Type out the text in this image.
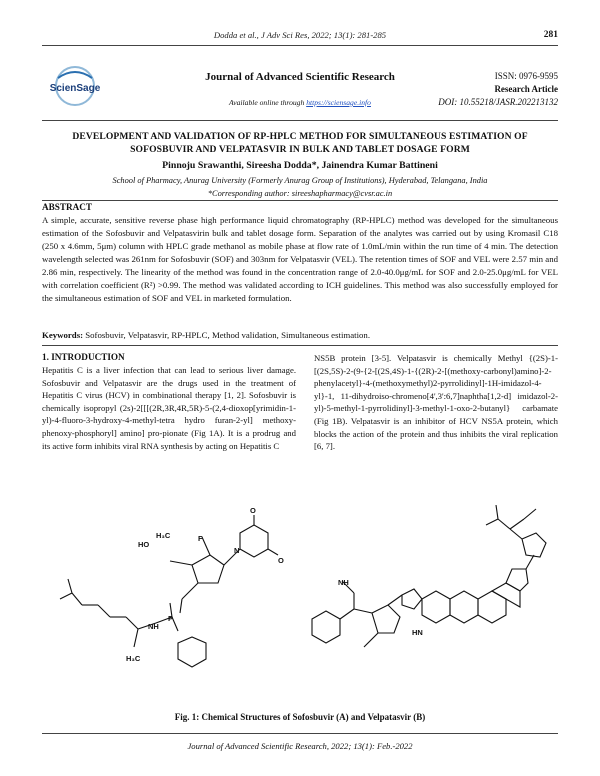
Dodda et al., J Adv Sci Res, 2022; 13(1): 281-285	281
ScienSage
Journal of Advanced Scientific Research
Available online through https://sciensage.info
ISSN: 0976-9595
Research Article
DOI: 10.55218/JASR.202213132
DEVELOPMENT AND VALIDATION OF RP-HPLC METHOD FOR SIMULTANEOUS ESTIMATION OF SOFOSBUVIR AND VELPATASVIR IN BULK AND TABLET DOSAGE FORM
Pinnoju Srawanthi, Sireesha Dodda*, Jainendra Kumar Battineni
School of Pharmacy, Anurag University (Formerly Anurag Group of Institutions), Hyderabad, Telangana, India
*Corresponding author: sireeshapharmacy@cvsr.ac.in
ABSTRACT
A simple, accurate, sensitive reverse phase high performance liquid chromatography (RP-HPLC) method was developed for the simultaneous estimation of the Sofosbuvir and Velpatasvirin bulk and tablet dosage form. Separation of the analytes was carried out by using Kromasil C18 (250 x 4.6mm, 5μm) column with HPLC grade methanol as mobile phase at flow rate of 1.0mL/min within the run time of 4 min. The detection wavelength selected was 261nm for Sofosbuvir (SOF) and 303nm for Velpatasvir (VEL). The retention times of SOF and VEL were 2.57 min and 2.86 min, respectively. The linearity of the method was found in the concentration range of 2.0-40.0μg/mL for SOF and 2.0-25.0μg/mL for VEL with correlation coefficient (R²) >0.99. The method was validated according to ICH guidelines. This method was also successfully employed for the simultaneous estimation of SOF and VEL in marketed formulation.
Keywords: Sofosbuvir, Velpatasvir, RP-HPLC, Method validation, Simultaneous estimation.
1. INTRODUCTION
Hepatitis C is a liver infection that can lead to serious liver damage. Sofosbuvir and Velpatasvir are the drugs used in the treatment of Hepatitis C virus (HCV) in combinational therapy [1, 2]. Sofosbuvir is chemically isopropyl (2s)-2[[[(2R,3R,4R,5R)-5-(2,4-dioxop[yrimidin-1-yl)-4-fluoro-3-hydroxy-4-methyl-tetra hydro furan-2-yl] methoxy-phenoxy-phosphoryl] amino] pro-pionate (Fig 1A). It is a prodrug and its active form inhibits viral RNA synthesis by acting on Hepatitis C
NS5B protein [3-5]. Velpatasvir is chemically Methyl {(2S)-1-[(2S,5S)-2-(9-{2-[(2S,4S)-1-{(2R)-2-[(methoxy-carbonyl)amino]-2-phenylacetyl}-4-(methoxymethyl)2-pyrrolidinyl]-1H-imidazol-4-yl}-1, 11-dihydroiso-chromeno[4',3':6,7]naphtha[1,2-d] imidazol-2-yl)-5-methyl-1-pyrrolidinyl]-3-methyl-1-oxo-2-butanyl} carbamate (Fig 1B). Velpatasvir is an inhibitor of HCV NS5A protein, which blocks the action of the protein and thus inhibits the viral replication [6, 7].
HO
H₃C	F
N
O
O
P
NH
H₃C
HN
NH
Fig. 1: Chemical Structures of Sofosbuvir (A) and Velpatasvir (B)
Journal of Advanced Scientific Research, 2022; 13(1): Feb.-2022
